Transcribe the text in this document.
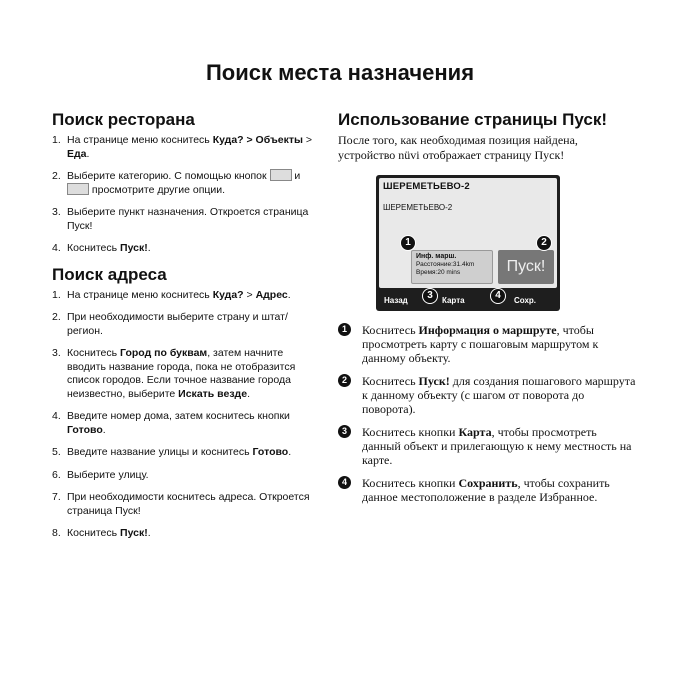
Поиск места назначения
Поиск ресторана
1. На странице меню коснитесь Куда? > Объекты > Еда.
2. Выберите категорию. С помощью кнопок  и  просмотрите другие опции.
3. Выберите пункт назначения. Откроется страница Пуск!
4. Коснитесь Пуск!.
Поиск адреса
1. На странице меню коснитесь Куда? > Адрес.
2. При необходимости выберите страну и штат/регион.
3. Коснитесь Город по буквам, затем начните вводить название города, пока не отобразится список городов. Если точное название города неизвестно, выберите Искать везде.
4. Введите номер дома, затем коснитесь кнопки Готово.
5. Введите название улицы и коснитесь Готово.
6. Выберите улицу.
7. При необходимости коснитесь адреса. Откроется страница Пуск!
8. Коснитесь Пуск!.
Использование страницы Пуск!
После того, как необходимая позиция найдена, устройство nüvi отображает страницу Пуск!
ШЕРЕМЕТЬЕВО-2
ШЕРЕМЕТЬЕВО-2
Инф. марш.
Расстояние:31.4km
Время:20 mins	Пуск!
Назад	Карта	Сохр.
1	2
3	4
1	Коснитесь Информация о маршруте, чтобы просмотреть карту с пошаговым маршрутом к данному объекту.
2	Коснитесь Пуск! для создания пошагового маршрута к данному объекту (с шагом от поворота до поворота).
3	Коснитесь кнопки Карта, чтобы просмотреть данный объект и прилегающую к нему местность на карте.
4	Коснитесь кнопки Сохранить, чтобы сохранить данное местоположение в разделе Избранное.
